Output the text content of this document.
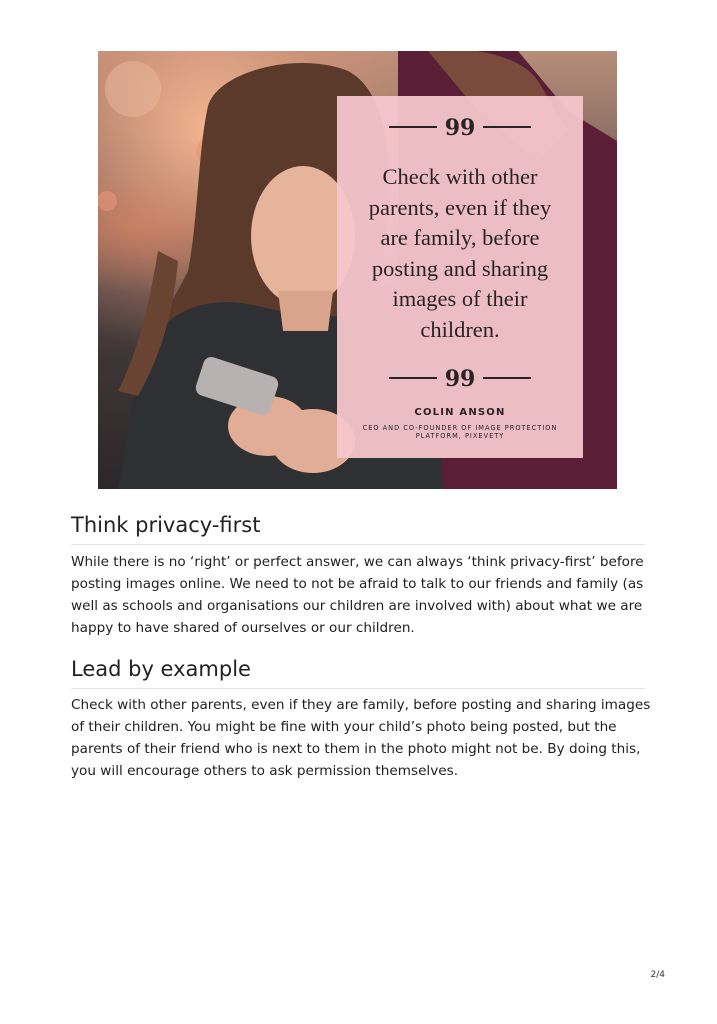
99
Check with other parents, even if they are family, before posting and sharing images of their children.
99
COLIN ANSON
CEO AND CO-FOUNDER OF IMAGE PROTECTION PLATFORM, PIXEVETY
Think privacy-first

While there is no ‘right’ or perfect answer, we can always ‘think privacy-first’ before posting images online. We need to not be afraid to talk to our friends and family (as well as schools and organisations our children are involved with) about what we are happy to have shared of ourselves or our children.

Lead by example

Check with other parents, even if they are family, before posting and sharing images of their children. You might be fine with your child’s photo being posted, but the parents of their friend who is next to them in the photo might not be. By doing this, you will encourage others to ask permission themselves.

2/4
